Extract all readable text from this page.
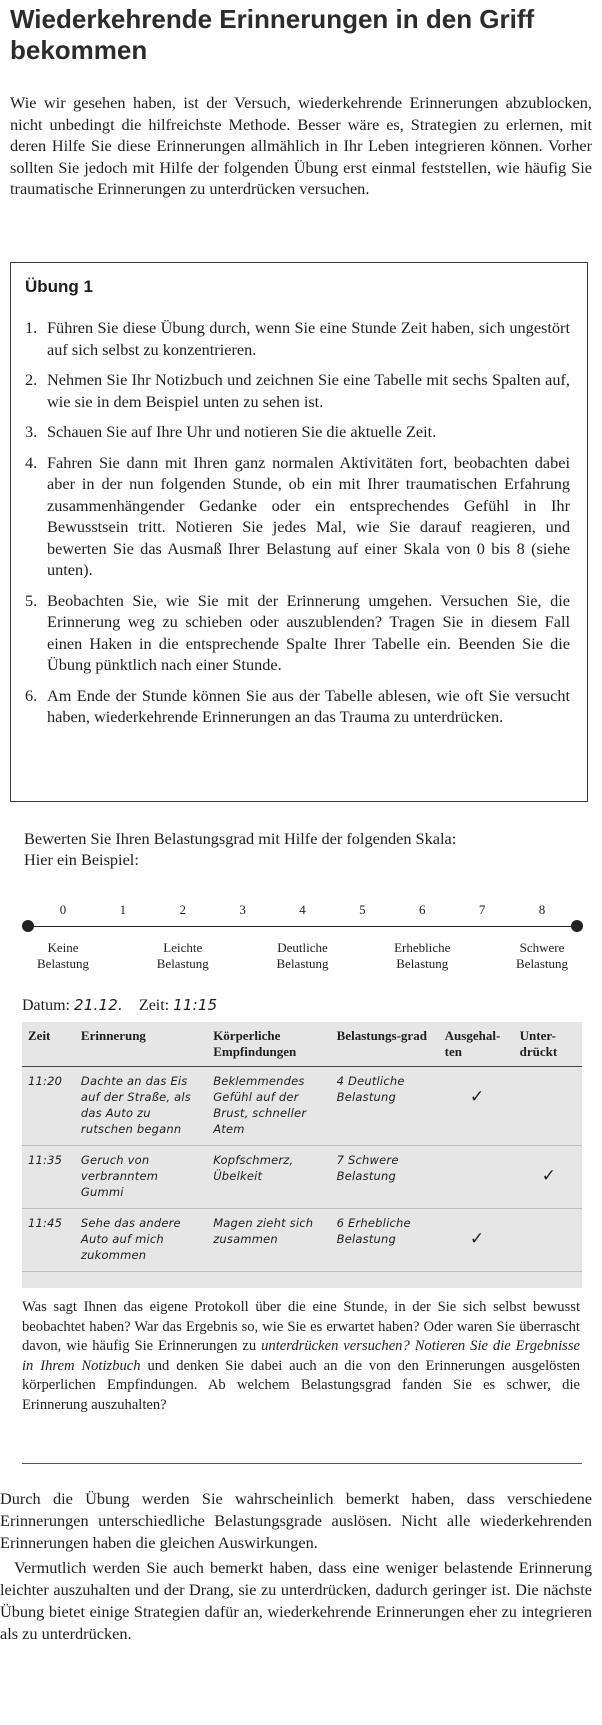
Wiederkehrende Erinnerungen in den Griff bekommen

Wie wir gesehen haben, ist der Versuch, wiederkehrende Erinnerungen abzublocken, nicht unbedingt die hilfreichste Methode. Besser wäre es, Strategien zu erlernen, mit deren Hilfe Sie diese Erinnerungen allmählich in Ihr Leben integrieren können. Vorher sollten Sie jedoch mit Hilfe der folgenden Übung erst einmal feststellen, wie häufig Sie traumatische Erinnerungen zu unterdrücken versuchen.

Übung 1
1. Führen Sie diese Übung durch, wenn Sie eine Stunde Zeit haben, sich ungestört auf sich selbst zu konzentrieren.
2. Nehmen Sie Ihr Notizbuch und zeichnen Sie eine Tabelle mit sechs Spalten auf, wie sie in dem Beispiel unten zu sehen ist.
3. Schauen Sie auf Ihre Uhr und notieren Sie die aktuelle Zeit.
4. Fahren Sie dann mit Ihren ganz normalen Aktivitäten fort, beobachten dabei aber in der nun folgenden Stunde, ob ein mit Ihrer traumatischen Erfahrung zusammenhängender Gedanke oder ein entsprechendes Gefühl in Ihr Bewusstsein tritt. Notieren Sie jedes Mal, wie Sie darauf reagieren, und bewerten Sie das Ausmaß Ihrer Belastung auf einer Skala von 0 bis 8 (siehe unten).
5. Beobachten Sie, wie Sie mit der Erinnerung umgehen. Versuchen Sie, die Erinnerung weg zu schieben oder auszublenden? Tragen Sie in diesem Fall einen Haken in die entsprechende Spalte Ihrer Tabelle ein. Beenden Sie die Übung pünktlich nach einer Stunde.
6. Am Ende der Stunde können Sie aus der Tabelle ablesen, wie oft Sie versucht haben, wiederkehrende Erinnerungen an das Trauma zu unterdrücken.

Bewerten Sie Ihren Belastungsgrad mit Hilfe der folgenden Skala:
Hier ein Beispiel:

0	1	2	3	4	5	6	7	8
Keine
Belastung
Leichte
Belastung
Deutliche
Belastung
Erhebliche
Belastung
Schwere
Belastung
Datum: 21.12. Zeit: 11:15
Zeit	Erinnerung	Körperliche Empfindungen	Belastungs-grad	Ausgehal-ten	Unter-drückt
11:20	Dachte an das Eis auf der Straße, als das Auto zu rutschen begann	Beklemmendes Gefühl auf der Brust, schneller Atem	4 Deutliche Belastung	✓	
11:35	Geruch von verbranntem Gummi	Kopfschmerz, Übelkeit	7 Schwere Belastung		✓
11:45	Sehe das andere Auto auf mich zukommen	Magen zieht sich zusammen	6 Erhebliche Belastung	✓	

Was sagt Ihnen das eigene Protokoll über die eine Stunde, in der Sie sich selbst bewusst beobachtet haben? War das Ergebnis so, wie Sie es erwartet haben? Oder waren Sie überrascht davon, wie häufig Sie Erinnerungen zu unterdrücken versuchen? Notieren Sie die Ergebnisse in Ihrem Notizbuch und denken Sie dabei auch an die von den Erinnerungen ausgelösten körperlichen Empfindungen. Ab welchem Belastungsgrad fanden Sie es schwer, die Erinnerung auszuhalten?

Durch die Übung werden Sie wahrscheinlich bemerkt haben, dass verschiedene Erinnerungen unterschiedliche Belastungsgrade auslösen. Nicht alle wiederkehrenden Erinnerungen haben die gleichen Auswirkungen.

Vermutlich werden Sie auch bemerkt haben, dass eine weniger belastende Erinnerung leichter auszuhalten und der Drang, sie zu unterdrücken, dadurch geringer ist. Die nächste Übung bietet einige Strategien dafür an, wiederkehrende Erinnerungen eher zu integrieren als zu unterdrücken.
